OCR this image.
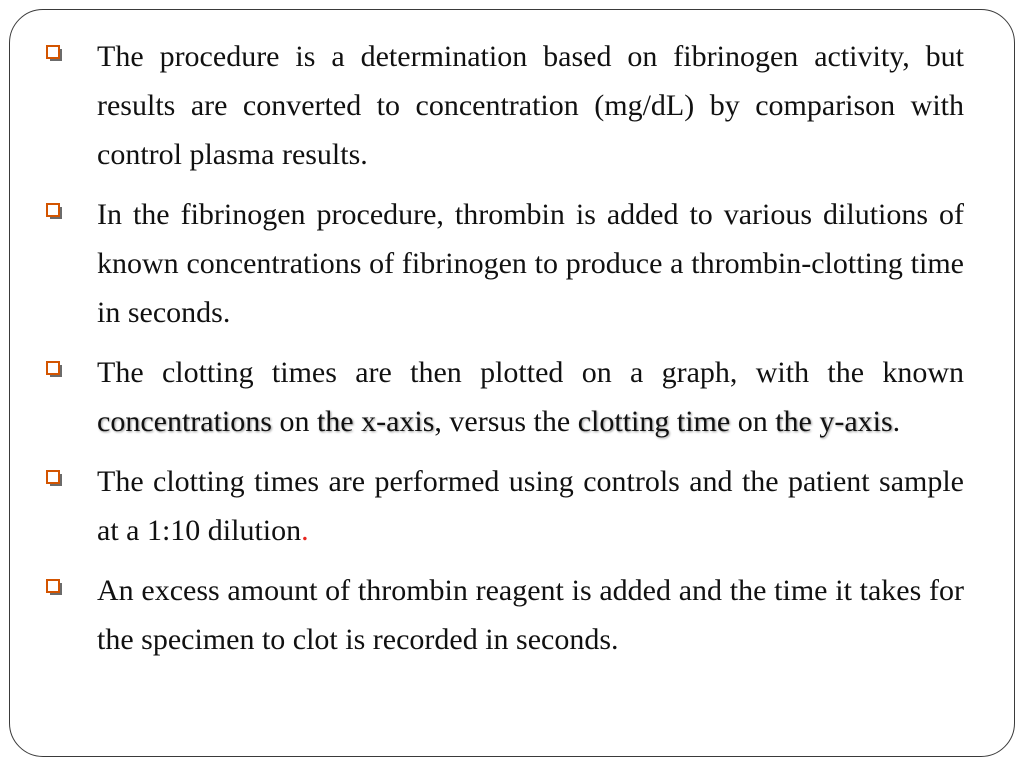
The procedure is a determination based on fibrinogen activity, but results are converted to concentration (mg/dL) by comparison with control plasma results.
In the fibrinogen procedure, thrombin is added to various dilutions of known concentrations of fibrinogen to produce a thrombin-clotting time in seconds.
The clotting times are then plotted on a graph, with the known concentrations on the x-axis, versus the clotting time on the y-axis.
The clotting times are performed using controls and the patient sample at a 1:10 dilution.
An excess amount of thrombin reagent is added and the time it takes for the specimen to clot is recorded in seconds.
